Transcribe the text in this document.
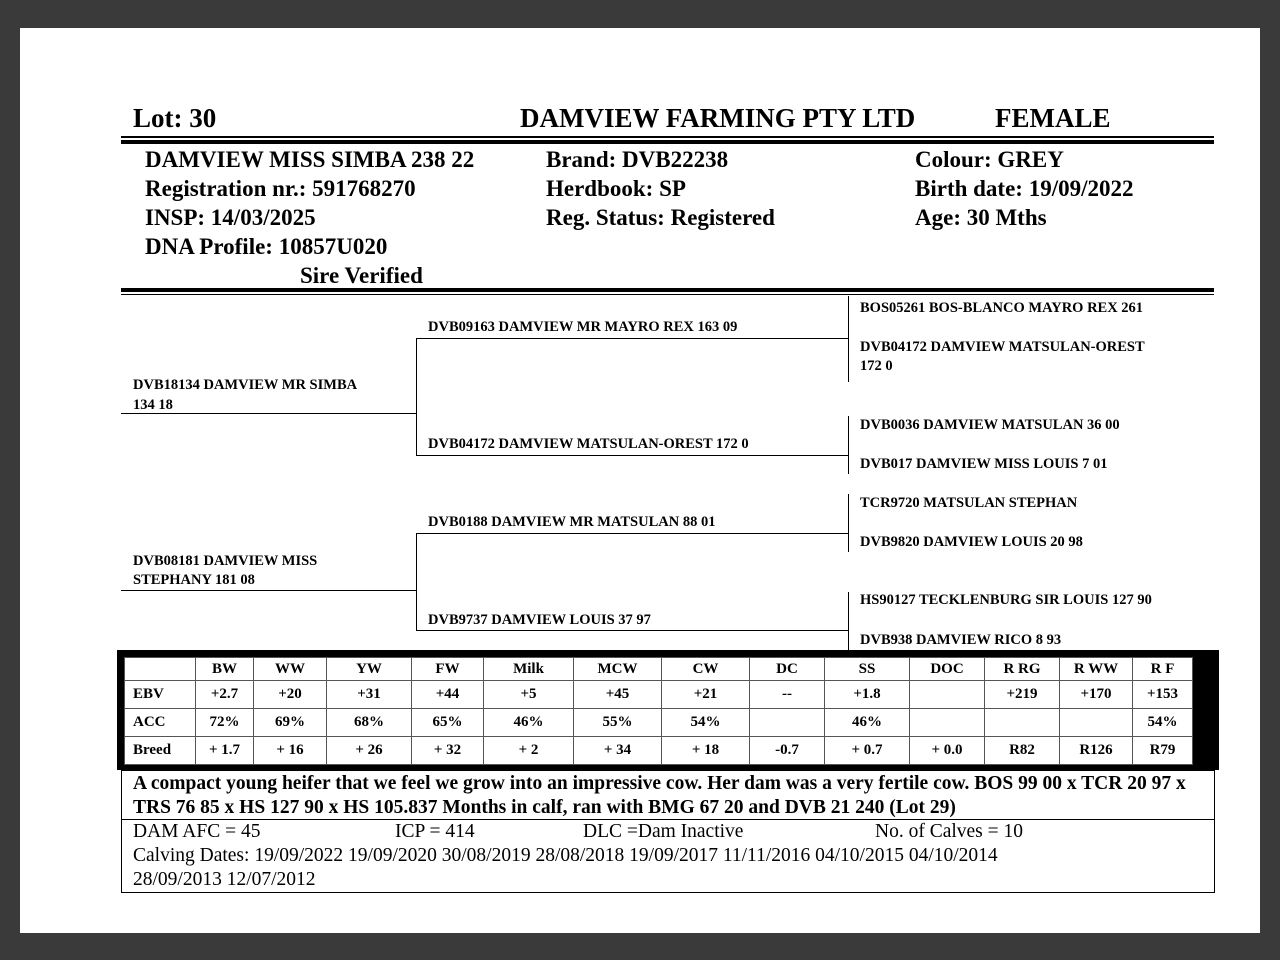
Lot: 30	DAMVIEW FARMING PTY LTD	FEMALE
DAMVIEW MISS SIMBA 238 22
Registration nr.: 591768270
INSP: 14/03/2025
DNA Profile: 10857U020
Sire Verified
Brand: DVB22238
Herdbook: SP
Reg. Status: Registered
Colour: GREY
Birth date: 19/09/2022
Age: 30 Mths
DVB18134 DAMVIEW MR SIMBA
134 18
DVB08181 DAMVIEW MISS
STEPHANY 181 08
DVB09163 DAMVIEW MR MAYRO REX 163 09
DVB04172 DAMVIEW MATSULAN-OREST 172 0
DVB0188 DAMVIEW MR MATSULAN 88 01
DVB9737 DAMVIEW LOUIS 37 97
BOS05261 BOS-BLANCO MAYRO REX 261
DVB04172 DAMVIEW MATSULAN-OREST
172 0
DVB0036 DAMVIEW MATSULAN 36 00
DVB017 DAMVIEW MISS LOUIS 7 01
TCR9720 MATSULAN STEPHAN
DVB9820 DAMVIEW LOUIS 20 98
HS90127 TECKLENBURG SIR LOUIS 127 90
DVB938 DAMVIEW RICO 8 93
	BW	WW	YW	FW	Milk	MCW	CW	DC	SS	DOC	R RG	R WW	R F
EBV	+2.7	+20	+31	+44	+5	+45	+21	--	+1.8		+219	+170	+153
ACC	72%	69%	68%	65%	46%	55%	54%		46%				54%
Breed	+ 1.7	+ 16	+ 26	+ 32	+ 2	+ 34	+ 18	-0.7	+ 0.7	+ 0.0	R82	R126	R79
A compact young heifer that we feel we grow into an impressive cow. Her dam was a very fertile cow. BOS 99 00 x TCR 20 97 x TRS 76 85 x HS 127 90 x HS 105.837 Months in calf, ran with BMG 67 20 and DVB 21 240 (Lot 29)
DAM AFC = 45	ICP = 414	DLC =Dam Inactive	No. of Calves = 10
Calving Dates: 19/09/2022 19/09/2020 30/08/2019 28/08/2018 19/09/2017 11/11/2016 04/10/2015 04/10/2014
28/09/2013 12/07/2012
